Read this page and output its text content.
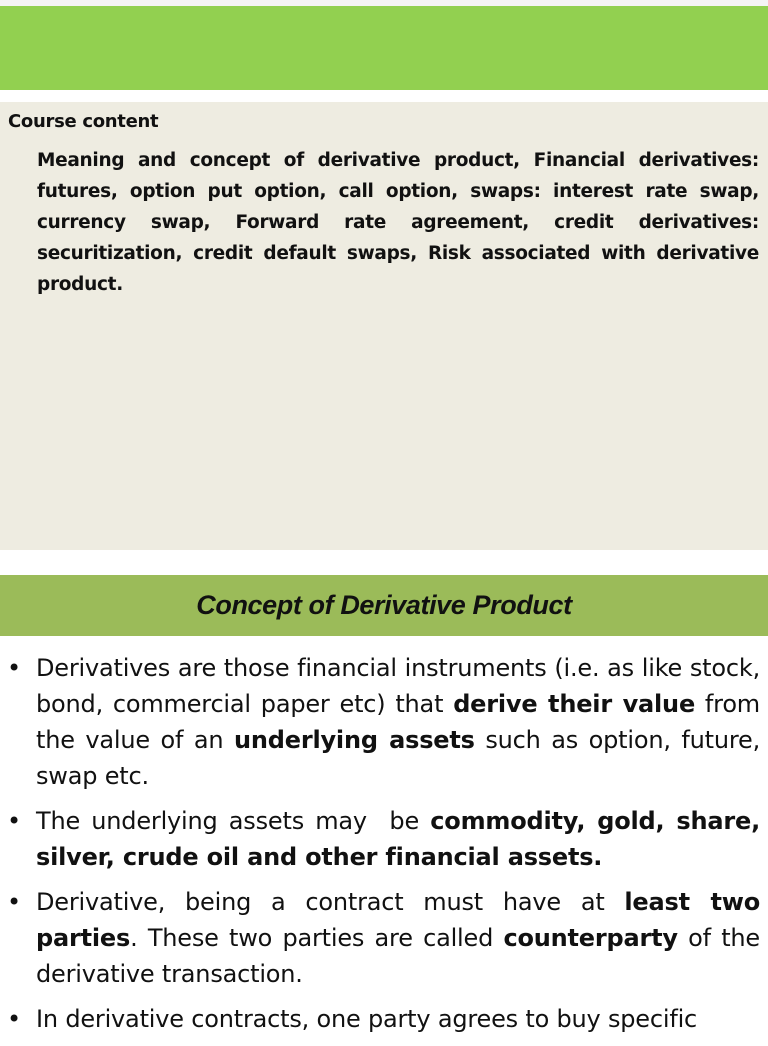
Course content

Meaning and concept of derivative product, Financial derivatives: futures, option put option, call option, swaps: interest rate swap, currency swap, Forward rate agreement, credit derivatives: securitization, credit default swaps, Risk associated with derivative product.

Concept of Derivative Product
• Derivatives are those financial instruments (i.e. as like stock, bond, commercial paper etc) that derive their value from the value of an underlying assets such as option, future, swap etc.
• The underlying assets may  be commodity, gold, share, silver, crude oil and other financial assets.
• Derivative, being a contract must have at least two parties. These two parties are called counterparty of the derivative transaction.
• In derivative contracts, one party agrees to buy specific
